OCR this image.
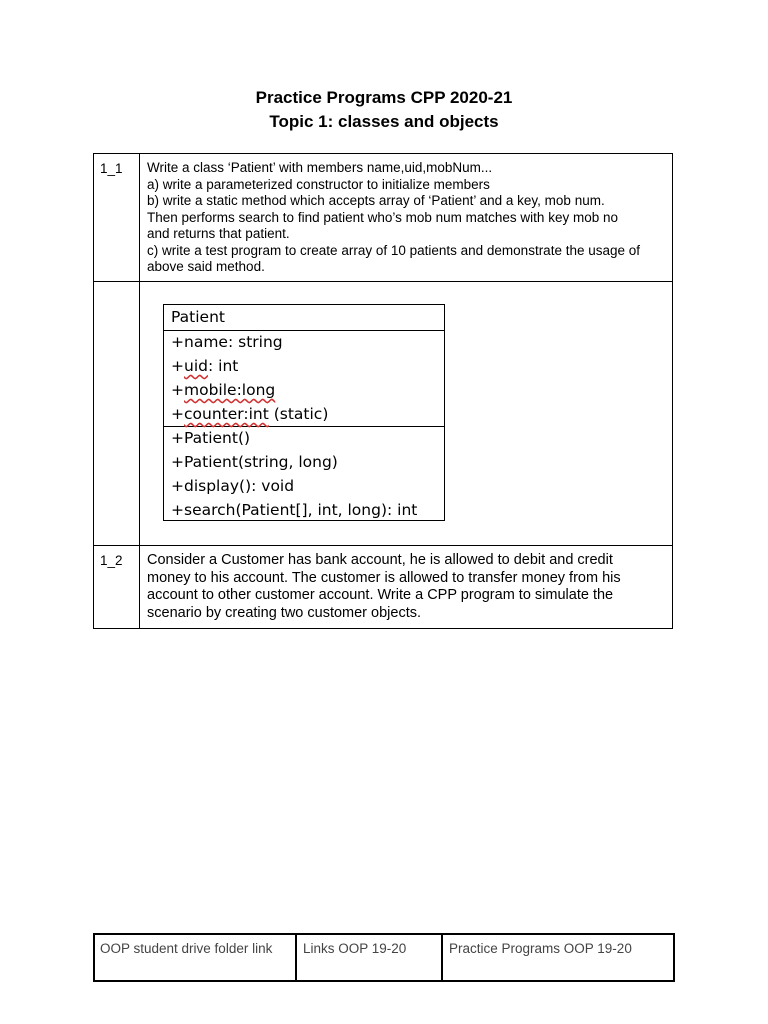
Practice Programs CPP 2020-21
Topic 1: classes and objects
1_1 Write a class ‘Patient’ with members name,uid,mobNum...
a) write a parameterized constructor to initialize members
b) write a static method which accepts array of ‘Patient’ and a key, mob num.
Then performs search to find patient who’s mob num matches with key mob no
and returns that patient.
c) write a test program to create array of 10 patients and demonstrate the usage of
above said method.
Patient
+name: string
+uid: int
+mobile:long
+counter:int (static)
+Patient()
+Patient(string, long)
+display(): void
+search(Patient[], int, long): int
1_2 Consider a Customer has bank account, he is allowed to debit and credit
money to his account. The customer is allowed to transfer money from his
account to other customer account. Write a CPP program to simulate the
scenario by creating two customer objects.
OOP student drive folder link Links OOP 19-20	Practice Programs OOP 19-20
